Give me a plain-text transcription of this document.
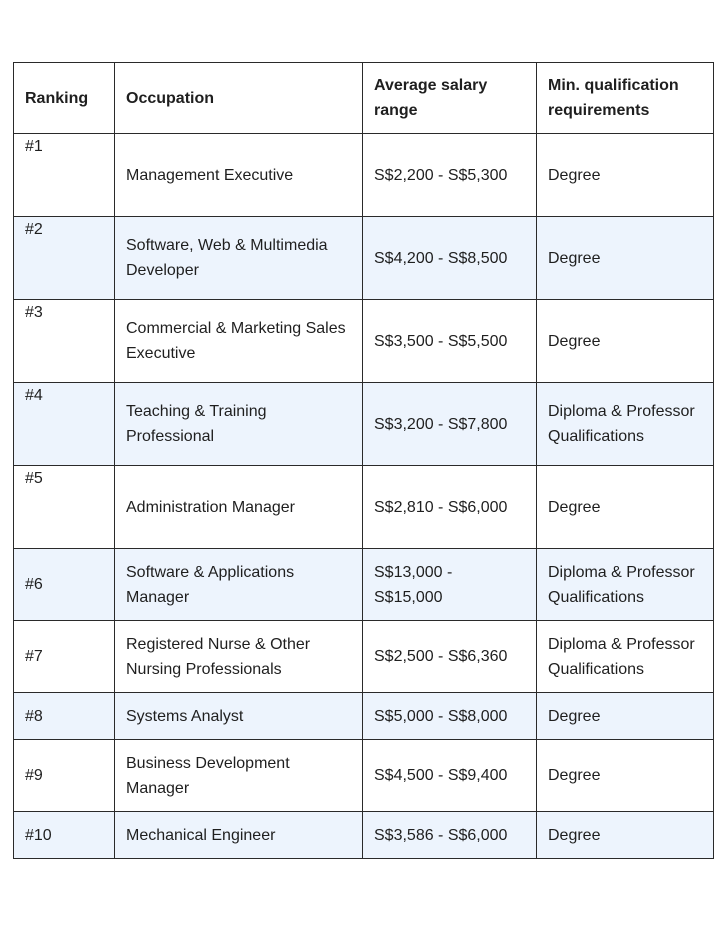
Ranking	Occupation	Average salary range	Min. qualification requirements
#1	Management Executive	S$2,200 - S$5,300	Degree
#2	Software, Web & Multimedia Developer	S$4,200 - S$8,500	Degree
#3	Commercial & Marketing Sales Executive	S$3,500 - S$5,500	Degree
#4	Teaching & Training Professional	S$3,200 - S$7,800	Diploma & Professor Qualifications
#5	Administration Manager	S$2,810 - S$6,000	Degree
#6	Software & Applications Manager	S$13,000 - S$15,000	Diploma & Professor Qualifications
#7	Registered Nurse & Other Nursing Professionals	S$2,500 - S$6,360	Diploma & Professor Qualifications
#8	Systems Analyst	S$5,000 - S$8,000	Degree
#9	Business Development Manager	S$4,500 - S$9,400	Degree
#10	Mechanical Engineer	S$3,586 - S$6,000	Degree
